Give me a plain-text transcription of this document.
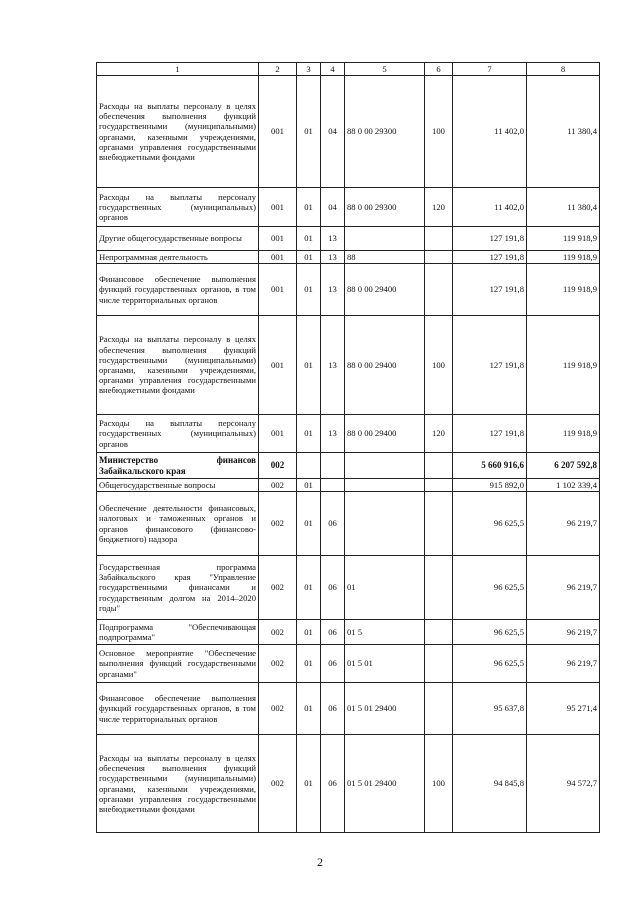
1	2	3	4	5	6	7	8
Расходы на выплаты персоналу в целях обеспечения выполнения функций государственными (муниципальными) органами, казенными учреждениями, органами управления государственными внебюджетными фондами	001	01	04	88 0 00 29300	100	11 402,0	11 380,4
Расходы на выплаты персоналу государственных (муниципальных) органов	001	01	04	88 0 00 29300	120	11 402,0	11 380,4
Другие общегосударственные вопросы	001	01	13			127 191,8	119 918,9
Непрограммная деятельность	001	01	13	88		127 191,8	119 918,9
Финансовое обеспечение выполнения функций государственных органов, в том числе территориальных органов	001	01	13	88 0 00 29400		127 191,8	119 918,9
Расходы на выплаты персоналу в целях обеспечения выполнения функций государственными (муниципальными) органами, казенными учреждениями, органами управления государственными внебюджетными фондами	001	01	13	88 0 00 29400	100	127 191,8	119 918,9
Расходы на выплаты персоналу государственных (муниципальных) органов	001	01	13	88 0 00 29400	120	127 191,8	119 918,9
Министерство финансов Забайкальского края	002					5 660 916,6	6 207 592,8
Общегосударственные вопросы	002	01				915 892,0	1 102 339,4
Обеспечение деятельности финансовых, налоговых и таможенных органов и органов финансового (финансово-бюджетного) надзора	002	01	06			96 625,5	96 219,7
Государственная программа Забайкальского края "Управление государственными финансами и государственным долгом на 2014–2020 годы"	002	01	06	01		96 625,5	96 219,7
Подпрограмма "Обеспечивающая подпрограмма"	002	01	06	01 5		96 625,5	96 219,7
Основное мероприятие "Обеспечение выполнения функций государственными органами"	002	01	06	01 5 01		96 625,5	96 219,7
Финансовое обеспечение выполнения функций государственных органов, в том числе территориальных органов	002	01	06	01 5 01 29400		95 637,8	95 271,4
Расходы на выплаты персоналу в целях обеспечения выполнения функций государственными (муниципальными) органами, казенными учреждениями, органами управления государственными внебюджетными фондами	002	01	06	01 5 01 29400	100	94 845,8	94 572,7
2
